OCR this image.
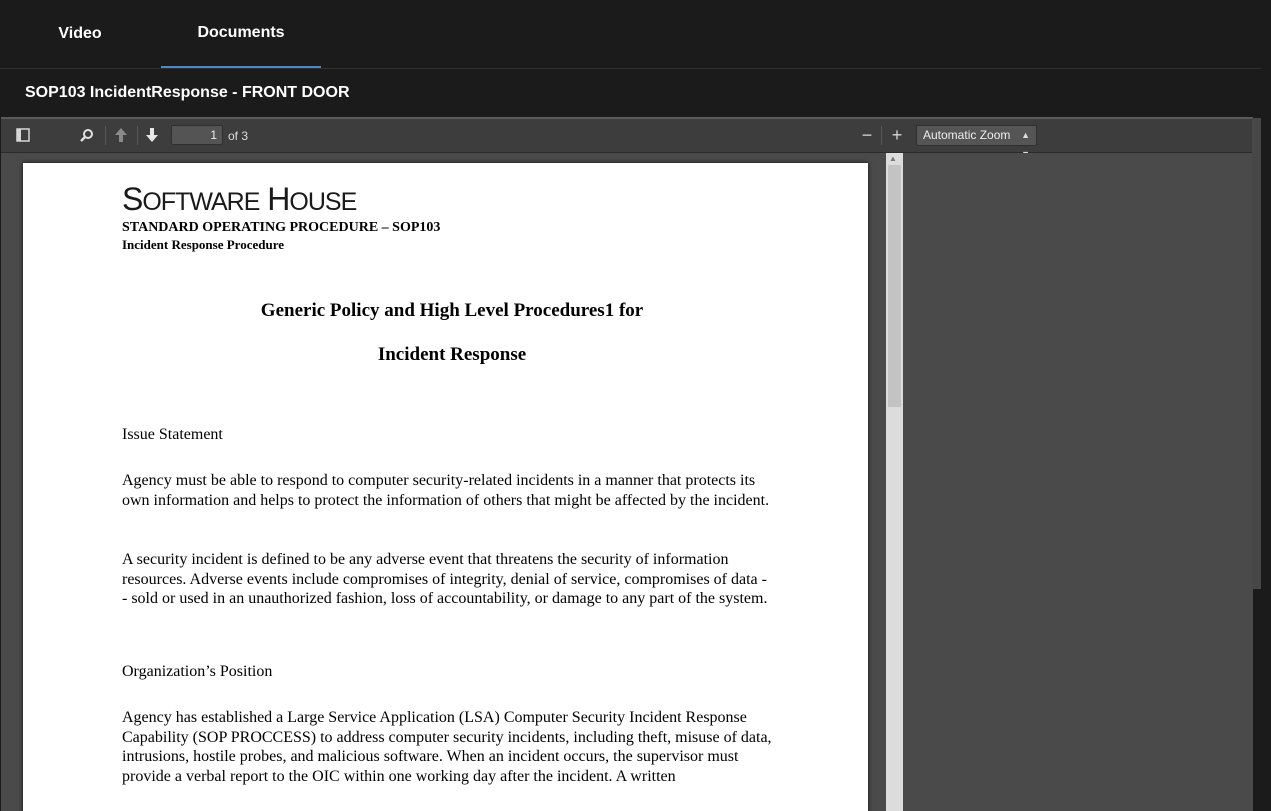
Video	Documents
SOP103 IncidentResponse - FRONT DOOR
1
of 3	−	+	Automatic Zoom ▲

SOFTWARE HOUSE
STANDARD OPERATING PROCEDURE – SOP103
Incident Response Procedure
Generic Policy and High Level Procedures1 for
Incident Response
Issue Statement
Agency must be able to respond to computer security-related incidents in a manner that protects its own information and helps to protect the information of others that might be affected by the incident.
A security incident is defined to be any adverse event that threatens the security of information resources. Adverse events include compromises of integrity, denial of service, compromises of data -- sold or used in an unauthorized fashion, loss of accountability, or damage to any part of the system.
Organization’s Position
Agency has established a Large Service Application (LSA) Computer Security Incident Response Capability (SOP PROCCESS) to address computer security incidents, including theft, misuse of data, intrusions, hostile probes, and malicious software. When an incident occurs, the supervisor must provide a verbal report to the OIC within one working day after the incident. A written
▲
